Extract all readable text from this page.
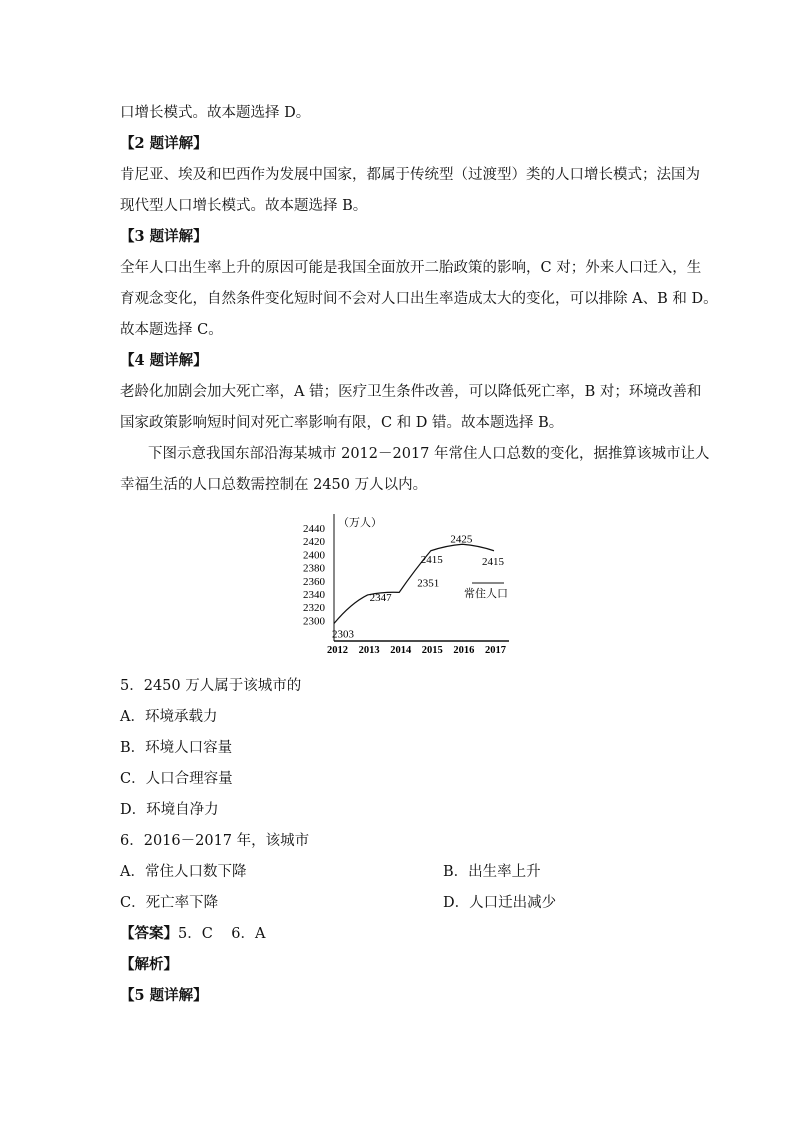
口增长模式。故本题选择 D。
【2 题详解】
肯尼亚、埃及和巴西作为发展中国家，都属于传统型（过渡型）类的人口增长模式；法国为
现代型人口增长模式。故本题选择 B。
【3 题详解】
全年人口出生率上升的原因可能是我国全面放开二胎政策的影响，C 对；外来人口迁入，生
育观念变化，自然条件变化短时间不会对人口出生率造成太大的变化，可以排除 A、B 和 D。
故本题选择 C。
【4 题详解】
老龄化加剧会加大死亡率，A 错；医疗卫生条件改善，可以降低死亡率，B 对；环境改善和
国家政策影响短时间对死亡率影响有限，C 和 D 错。故本题选择 B。
下图示意我国东部沿海某城市 2012－2017 年常住人口总数的变化，据推算该城市让人
幸福生活的人口总数需控制在 2450 万人以内。
（万人）
2440
2420
2400
2380
2360
2340
2320
2300
2012 2013 2014 2015 2016 2017
2303
2347
2351
2415
2425
2415
常住人口
5．2450 万人属于该城市的
A．环境承载力
B．环境人口容量
C．人口合理容量
D．环境自净力
6．2016－2017 年，该城市
A．常住人口数下降	B．出生率上升
C．死亡率下降	D．人口迁出减少
【答案】5．C    6．A
【解析】
【5 题详解】
